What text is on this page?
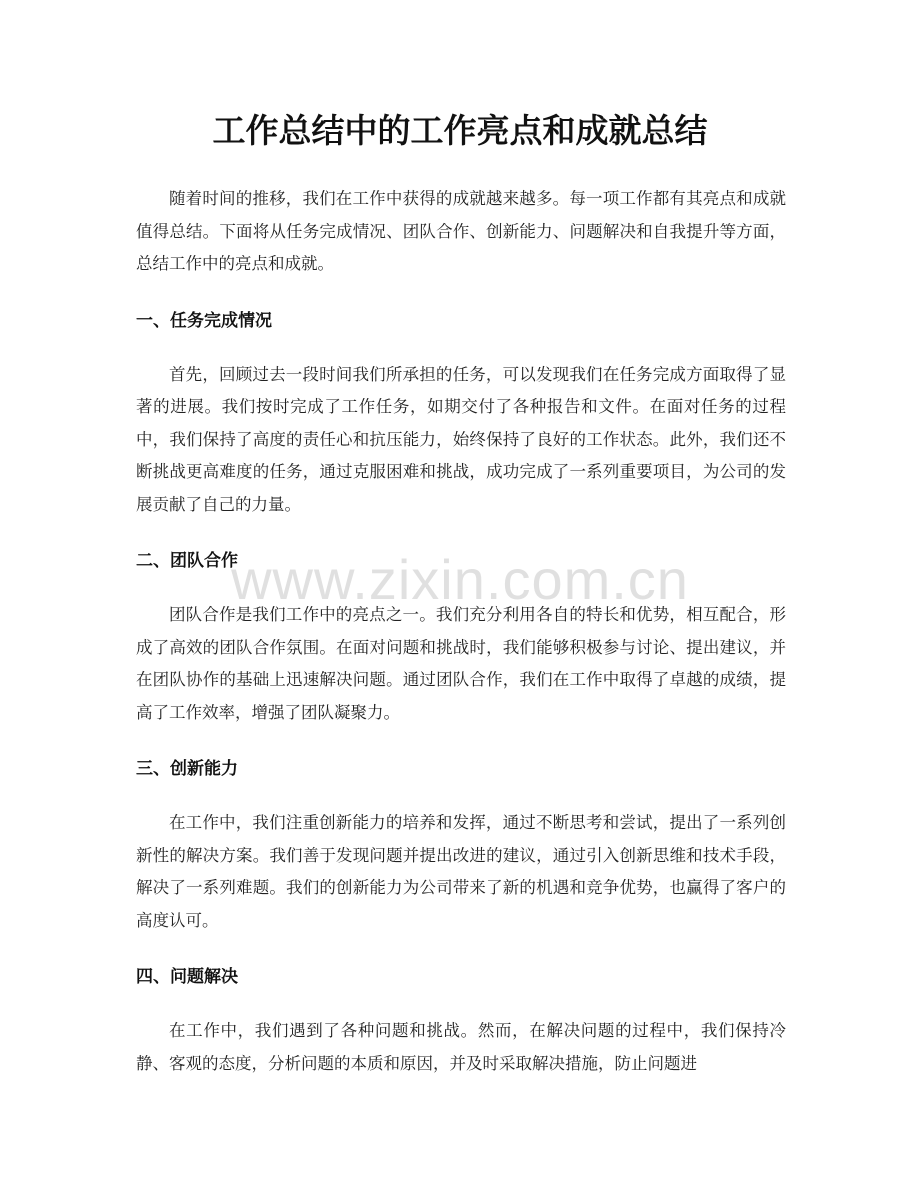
工作总结中的工作亮点和成就总结

随着时间的推移，我们在工作中获得的成就越来越多。每一项工作都有其亮点和成就值得总结。下面将从任务完成情况、团队合作、创新能力、问题解决和自我提升等方面，总结工作中的亮点和成就。

一、任务完成情况

首先，回顾过去一段时间我们所承担的任务，可以发现我们在任务完成方面取得了显著的进展。我们按时完成了工作任务，如期交付了各种报告和文件。在面对任务的过程中，我们保持了高度的责任心和抗压能力，始终保持了良好的工作状态。此外，我们还不断挑战更高难度的任务，通过克服困难和挑战，成功完成了一系列重要项目，为公司的发展贡献了自己的力量。

二、团队合作

团队合作是我们工作中的亮点之一。我们充分利用各自的特长和优势，相互配合，形成了高效的团队合作氛围。在面对问题和挑战时，我们能够积极参与讨论、提出建议，并在团队协作的基础上迅速解决问题。通过团队合作，我们在工作中取得了卓越的成绩，提高了工作效率，增强了团队凝聚力。

三、创新能力

在工作中，我们注重创新能力的培养和发挥，通过不断思考和尝试，提出了一系列创新性的解决方案。我们善于发现问题并提出改进的建议，通过引入创新思维和技术手段，解决了一系列难题。我们的创新能力为公司带来了新的机遇和竞争优势，也赢得了客户的高度认可。

四、问题解决

在工作中，我们遇到了各种问题和挑战。然而，在解决问题的过程中，我们保持冷静、客观的态度，分析问题的本质和原因，并及时采取解决措施，防止问题进

www.zixin.com.cn
